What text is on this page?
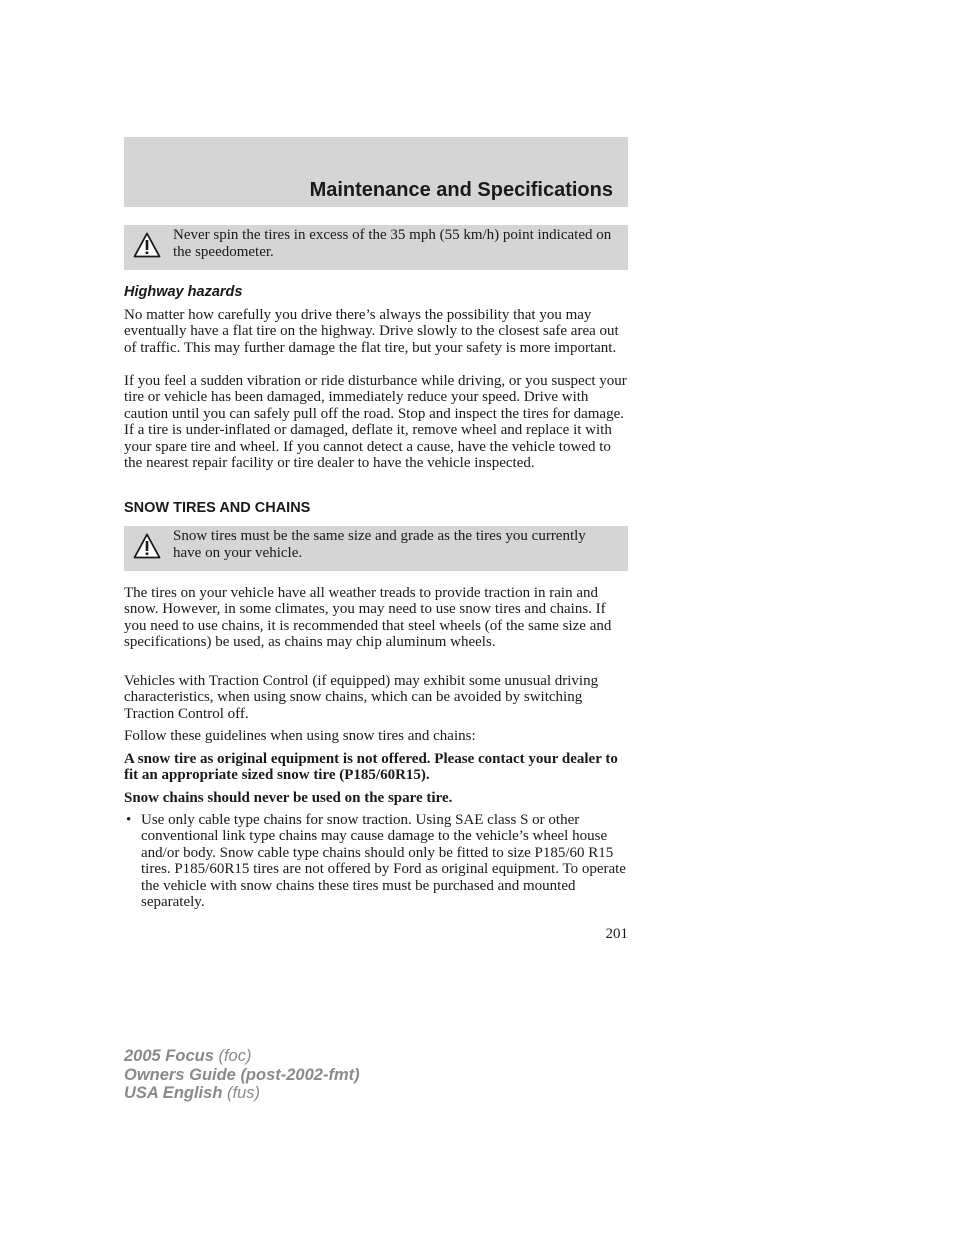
Maintenance and Specifications
Never spin the tires in excess of the 35 mph (55 km/h) point indicated on the speedometer.
Highway hazards

No matter how carefully you drive there’s always the possibility that you may eventually have a flat tire on the highway. Drive slowly to the closest safe area out of traffic. This may further damage the flat tire, but your safety is more important.

If you feel a sudden vibration or ride disturbance while driving, or you suspect your tire or vehicle has been damaged, immediately reduce your speed. Drive with caution until you can safely pull off the road. Stop and inspect the tires for damage. If a tire is under-inflated or damaged, deflate it, remove wheel and replace it with your spare tire and wheel. If you cannot detect a cause, have the vehicle towed to the nearest repair facility or tire dealer to have the vehicle inspected.

SNOW TIRES AND CHAINS
Snow tires must be the same size and grade as the tires you currently have on your vehicle.

The tires on your vehicle have all weather treads to provide traction in rain and snow. However, in some climates, you may need to use snow tires and chains. If you need to use chains, it is recommended that steel wheels (of the same size and specifications) be used, as chains may chip aluminum wheels.

Vehicles with Traction Control (if equipped) may exhibit some unusual driving characteristics, when using snow chains, which can be avoided by switching Traction Control off.

Follow these guidelines when using snow tires and chains:

A snow tire as original equipment is not offered. Please contact your dealer to fit an appropriate sized snow tire (P185/60R15).

Snow chains should never be used on the spare tire.

• Use only cable type chains for snow traction. Using SAE class S or other conventional link type chains may cause damage to the vehicle’s wheel house and/or body. Snow cable type chains should only be fitted to size P185/60 R15 tires. P185/60R15 tires are not offered by Ford as original equipment. To operate the vehicle with snow chains these tires must be purchased and mounted separately.
201
2005 Focus (foc)
Owners Guide (post-2002-fmt)
USA English (fus)
